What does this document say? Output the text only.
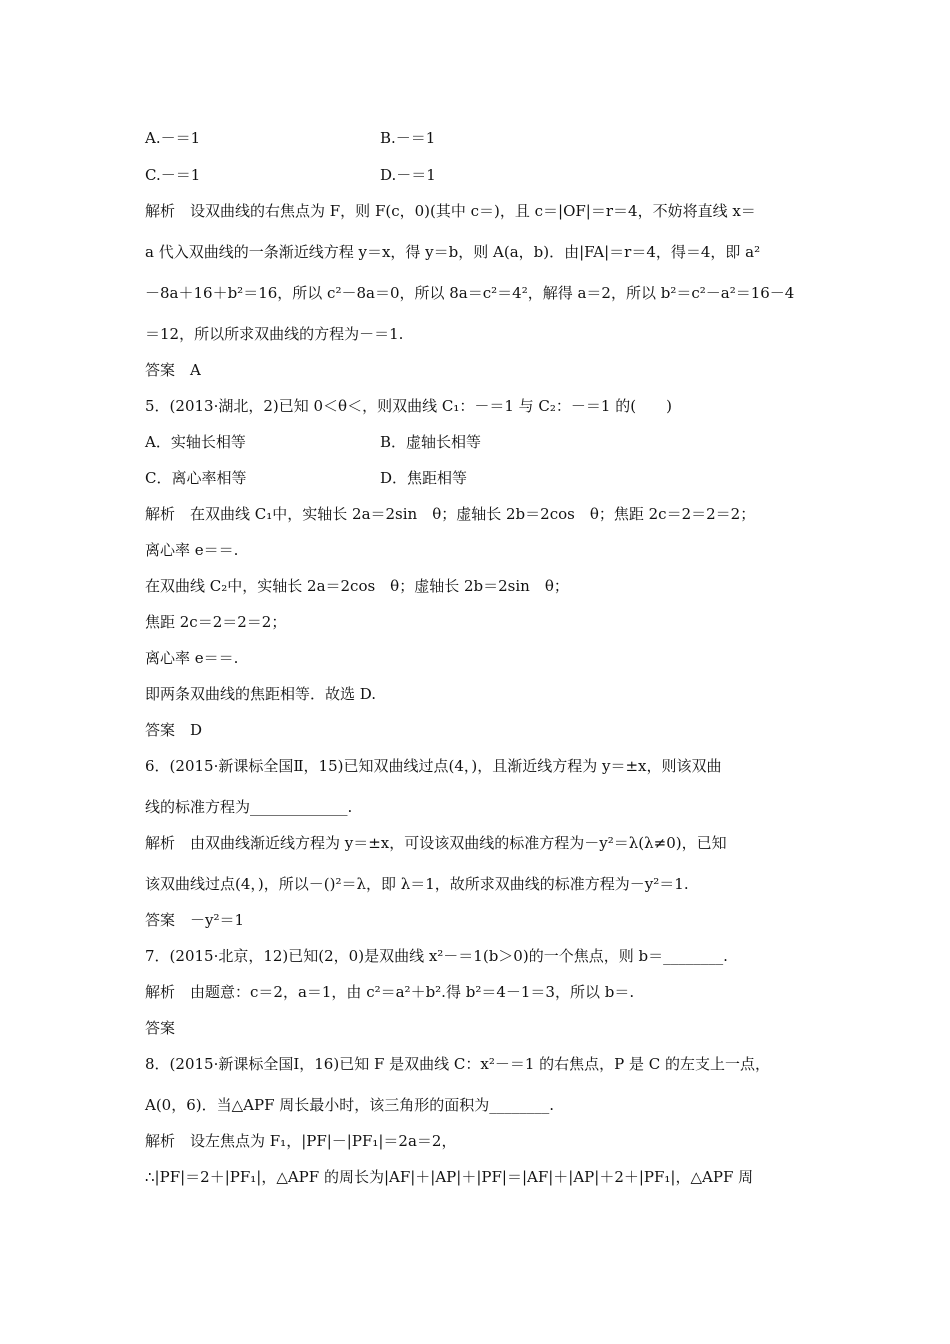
A.－＝1
C.－＝1
解析　设双曲线的右焦点为 F，则 F(c，0)(其中 c＝)，且 c＝|OF|＝r＝4，不妨将直线 x＝
a 代入双曲线的一条渐近线方程 y＝x，得 y＝b，则 A(a，b)．由|FA|＝r＝4，得＝4，即 a²
－8a＋16＋b²＝16，所以 c²－8a＝0，所以 8a＝c²＝4²，解得 a＝2，所以 b²＝c²－a²＝16－4
＝12，所以所求双曲线的方程为－＝1.
答案　A
5．(2013·湖北，2)已知 0＜θ＜，则双曲线 C₁：－＝1 与 C₂：－＝1 的(　　)
A．实轴长相等
C．离心率相等
解析　在双曲线 C₁中，实轴长 2a＝2sin　θ；虚轴长 2b＝2cos　θ；焦距 2c＝2＝2＝2；
离心率 e＝＝.
在双曲线 C₂中，实轴长 2a＝2cos　θ；虚轴长 2b＝2sin　θ；
焦距 2c＝2＝2＝2；
离心率 e＝＝.
即两条双曲线的焦距相等．故选 D.
答案　D
6．(2015·新课标全国Ⅱ，15)已知双曲线过点(4，)，且渐近线方程为 y＝±x，则该双曲
线的标准方程为_____________.
解析　由双曲线渐近线方程为 y＝±x，可设该双曲线的标准方程为－y²＝λ(λ≠0)，已知
该双曲线过点(4，)，所以－()²＝λ，即 λ＝1，故所求双曲线的标准方程为－y²＝1.
答案　－y²＝1
7．(2015·北京，12)已知(2，0)是双曲线 x²－＝1(b＞0)的一个焦点，则 b＝________.
解析　由题意：c＝2，a＝1，由 c²＝a²＋b².得 b²＝4－1＝3，所以 b＝.
答案
8．(2015·新课标全国Ⅰ，16)已知 F 是双曲线 C：x²－＝1 的右焦点，P 是 C 的左支上一点，
A(0，6)．当△APF 周长最小时，该三角形的面积为________.
解析　设左焦点为 F₁，|PF|－|PF₁|＝2a＝2，
∴|PF|＝2＋|PF₁|，△APF 的周长为|AF|＋|AP|＋|PF|＝|AF|＋|AP|＋2＋|PF₁|，△APF 周
B.－＝1
D.－＝1
B．虚轴长相等
D．焦距相等
